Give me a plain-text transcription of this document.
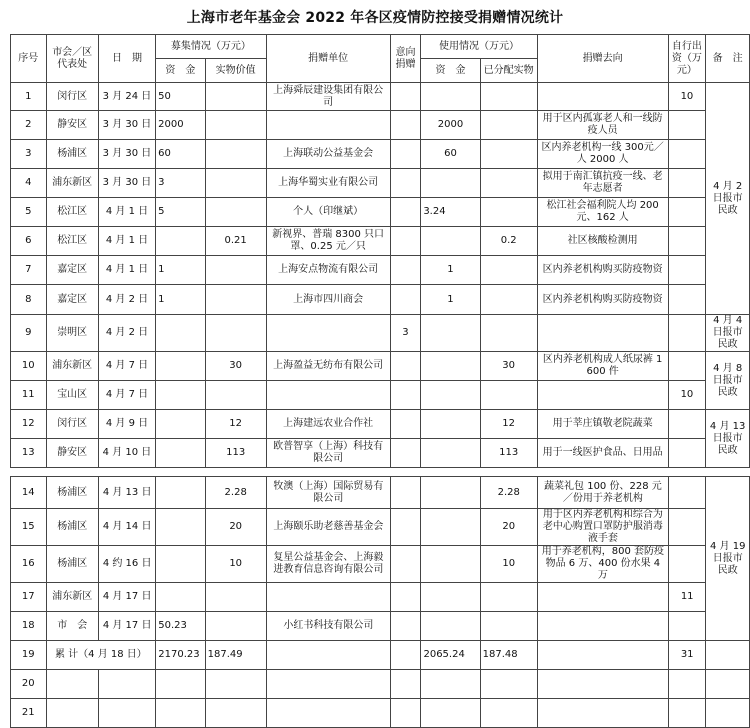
上海市老年基金会 2022 年各区疫情防控接受捐赠情况统计
序号	市会／区代表处	日　期	募集情况（万元）		捐赠单位	意向捐赠	使用情况（万元）		捐赠去向	自行出资（万元）	备　注
			资　金	实物价值			资　金	已分配实物			
1	闵行区	3 月 24 日	50		上海舜辰建设集团有限公司					10	4 月 2 日报市民政
2	静安区	3 月 30 日	2000				2000		用于区内孤寡老人和一线防疫人员		
3	杨浦区	3 月 30 日	60		上海联动公益基金会		60		区内养老机构一线 300元／人 2000 人		
4	浦东新区	3 月 30 日	3		上海华蜀实业有限公司				拟用于南汇镇抗疫一线、老年志愿者		
5	松江区	4 月 1 日	5		个人（印继斌）		3.24		松江社会福利院人均 200 元、162 人		
6	松江区	4 月 1 日		0.21	新视界、普瑞 8300 只口罩、0.25 元／只			0.2	社区核酸检测用		
7	嘉定区	4 月 1 日	1		上海安点物流有限公司		1		区内养老机构购买防疫物资		
8	嘉定区	4 月 2 日	1		上海市四川商会		1		区内养老机构购买防疫物资		
9	崇明区	4 月 2 日				3					4 月 4 日报市民政
10	浦东新区	4 月 7 日		30	上海盈益无纺布有限公司			30	区内养老机构成人纸尿裤 1600 件		4 月 8 日报市民政
11	宝山区	4 月 7 日								10	
12	闵行区	4 月 9 日		12	上海建远农业合作社			12	用于莘庄镇敬老院蔬菜		4 月 13 日报市民政
13	静安区	4 月 10 日		113	欧普智享（上海）科技有限公司			113	用于一线医护食品、日用品		
14	杨浦区	4 月 13 日		2.28	牧澳（上海）国际贸易有限公司			2.28	蔬菜礼包 100 份、228 元／份用于养老机构		4 月 19 日报市民政
15	杨浦区	4 月 14 日		20	上海颐乐助老慈善基金会			20	用于区内养老机构和综合为老中心购置口罩防护服消毒液手套		
16	杨浦区	4 约 16 日		10	复星公益基金会、上海毅进教育信息咨询有限公司			10	用于养老机构，800 套防疫物品 6 万、400 份水果 4 万		
17	浦东新区	4 月 17 日								11	
18	市　会	4 月 17 日	50.23		小红书科技有限公司						
19	累 计（4 月 18 日）		2170.23	187.49			2065.24	187.48		31	
20											
21											
